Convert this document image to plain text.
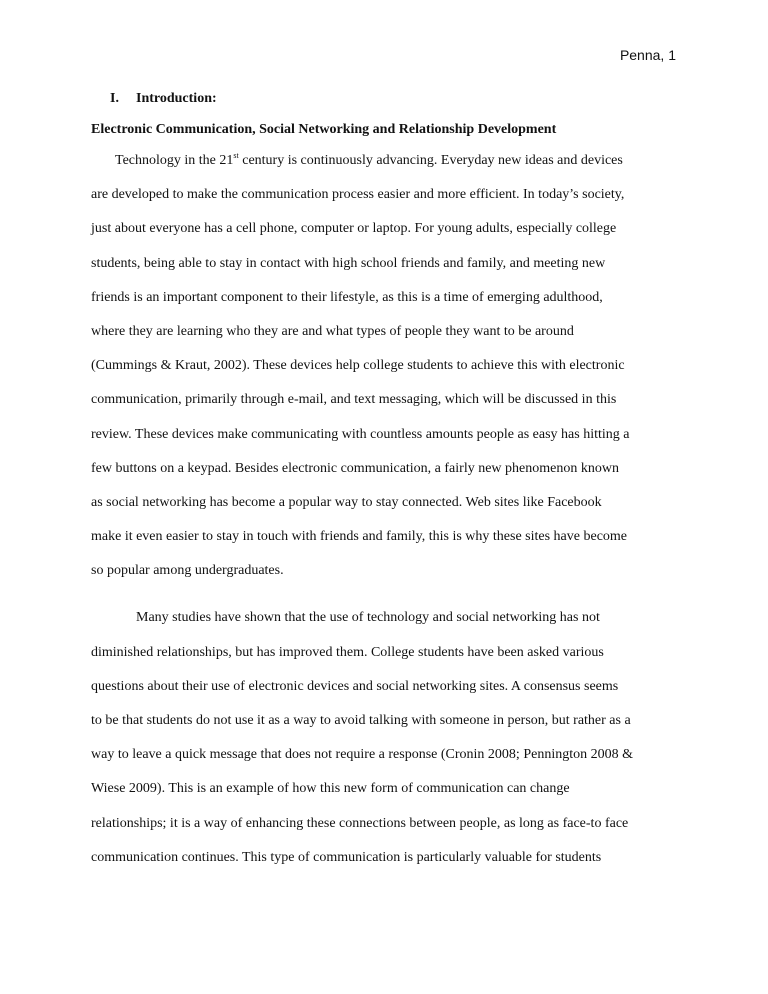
Penna, 1
I. Introduction:
Electronic Communication, Social Networking and Relationship Development
Technology in the 21st century is continuously advancing. Everyday new ideas and devices
are developed to make the communication process easier and more efficient. In today’s society,
just about everyone has a cell phone, computer or laptop. For young adults, especially college
students, being able to stay in contact with high school friends and family, and meeting new
friends is an important component to their lifestyle, as this is a time of emerging adulthood,
where they are learning who they are and what types of people they want to be around
(Cummings & Kraut, 2002). These devices help college students to achieve this with electronic
communication, primarily through e-mail, and text messaging, which will be discussed in this
review. These devices make communicating with countless amounts people as easy has hitting a
few buttons on a keypad. Besides electronic communication, a fairly new phenomenon known
as social networking has become a popular way to stay connected. Web sites like Facebook
make it even easier to stay in touch with friends and family, this is why these sites have become
so popular among undergraduates.
Many studies have shown that the use of technology and social networking has not
diminished relationships, but has improved them. College students have been asked various
questions about their use of electronic devices and social networking sites. A consensus seems
to be that students do not use it as a way to avoid talking with someone in person, but rather as a
way to leave a quick message that does not require a response (Cronin 2008; Pennington 2008 &
Wiese 2009). This is an example of how this new form of communication can change
relationships; it is a way of enhancing these connections between people, as long as face-to face
communication continues. This type of communication is particularly valuable for students
